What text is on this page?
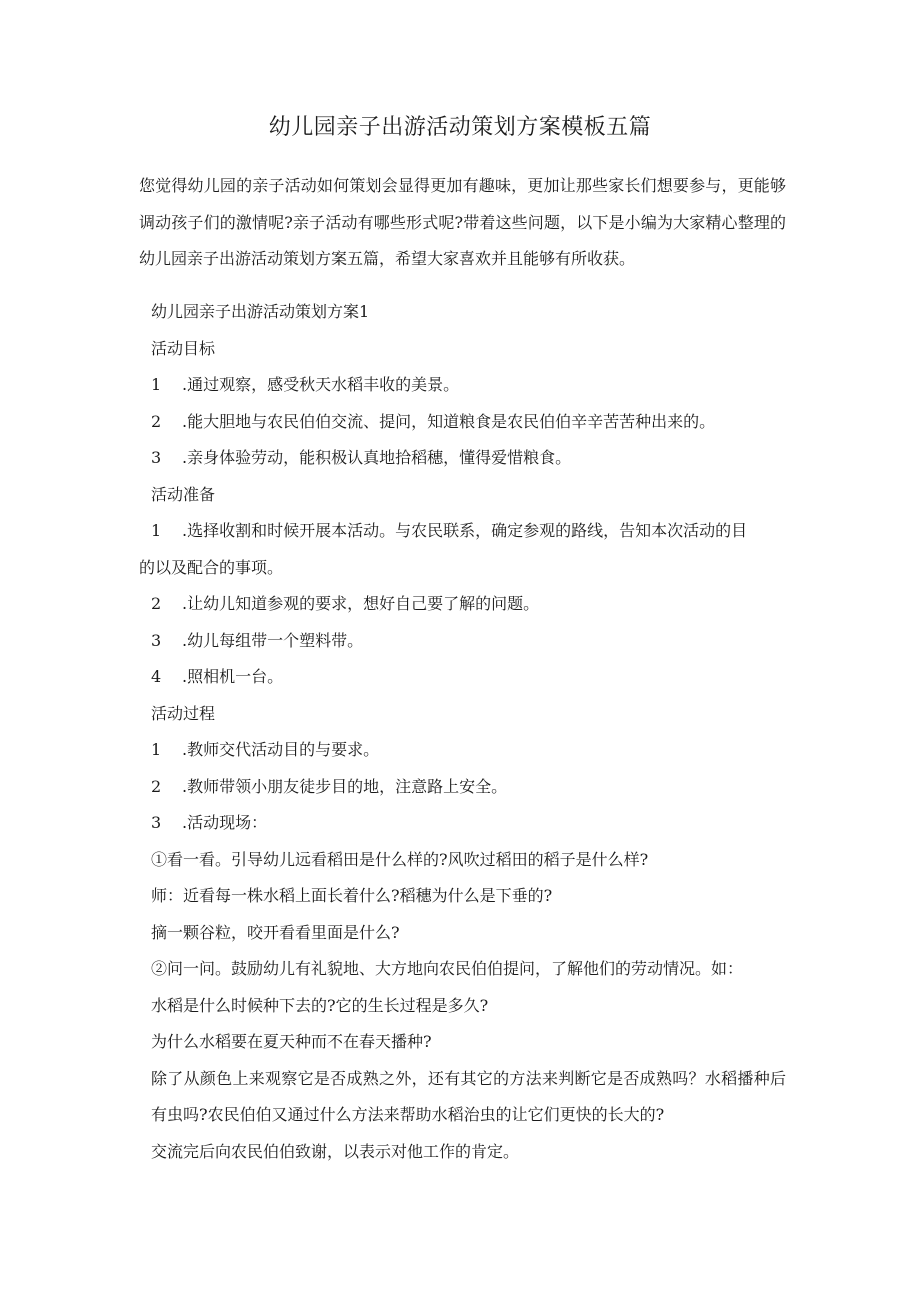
幼儿园亲子出游活动策划方案模板五篇

您觉得幼儿园的亲子活动如何策划会显得更加有趣味，更加让那些家长们想要参与，更能够调动孩子们的激情呢?亲子活动有哪些形式呢?带着这些问题，以下是小编为大家精心整理的幼儿园亲子出游活动策划方案五篇，希望大家喜欢并且能够有所收获。

幼儿园亲子出游活动策划方案1

活动目标

1 .通过观察，感受秋天水稻丰收的美景。

2 .能大胆地与农民伯伯交流、提问，知道粮食是农民伯伯辛辛苦苦种出来的。

3 .亲身体验劳动，能积极认真地拾稻穗，懂得爱惜粮食。

活动准备

1 .选择收割和时候开展本活动。与农民联系，确定参观的路线，告知本次活动的目

的以及配合的事项。

2 .让幼儿知道参观的要求，想好自己要了解的问题。

3 .幼儿每组带一个塑料带。

4 .照相机一台。

活动过程

1 .教师交代活动目的与要求。

2 .教师带领小朋友徒步目的地，注意路上安全。

3 .活动现场：

①看一看。引导幼儿远看稻田是什么样的?风吹过稻田的稻子是什么样?

师：近看每一株水稻上面长着什么?稻穗为什么是下垂的?

摘一颗谷粒，咬开看看里面是什么?

②问一问。鼓励幼儿有礼貌地、大方地向农民伯伯提问，了解他们的劳动情况。如：

水稻是什么时候种下去的?它的生长过程是多久?

为什么水稻要在夏天种而不在春天播种?

除了从颜色上来观察它是否成熟之外，还有其它的方法来判断它是否成熟吗？水稻播种后有虫吗?农民伯伯又通过什么方法来帮助水稻治虫的让它们更快的长大的?

交流完后向农民伯伯致谢，以表示对他工作的肯定。
